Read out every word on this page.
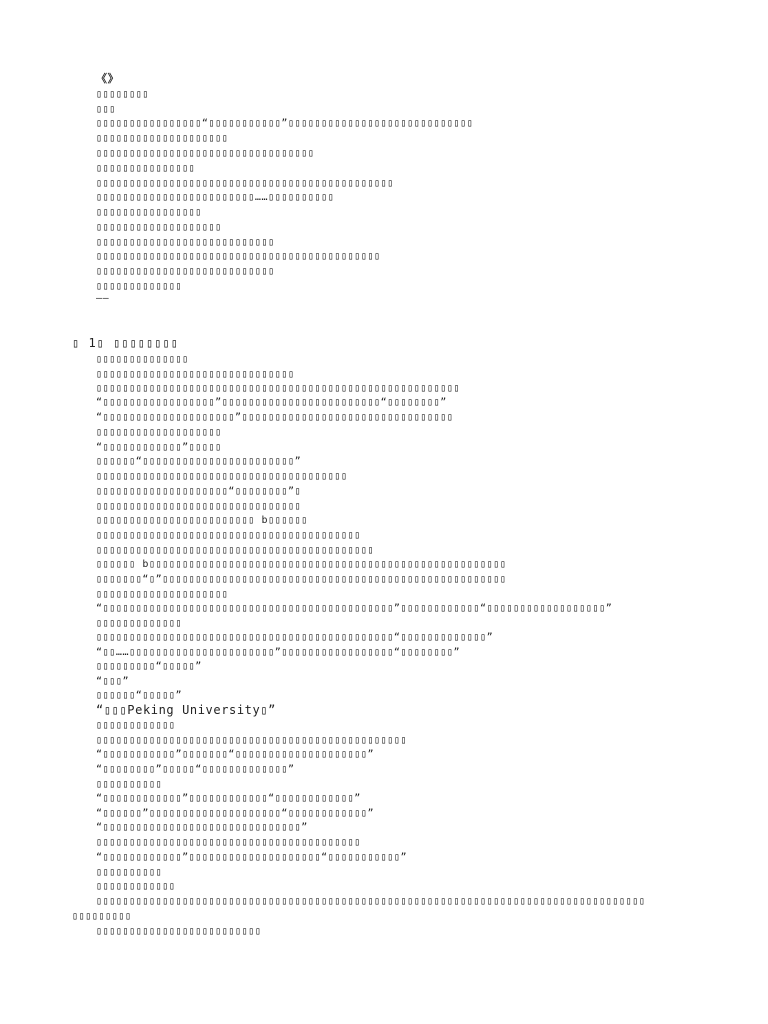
《》
▯▯▯▯▯▯▯▯
▯▯▯
▯▯▯▯▯▯▯▯▯▯▯▯▯▯▯▯“▯▯▯▯▯▯▯▯▯▯▯”▯▯▯▯▯▯▯▯▯▯▯▯▯▯▯▯▯▯▯▯▯▯▯▯▯▯▯▯
▯▯▯▯▯▯▯▯▯▯▯▯▯▯▯▯▯▯▯▯
▯▯▯▯▯▯▯▯▯▯▯▯▯▯▯▯▯▯▯▯▯▯▯▯▯▯▯▯▯▯▯▯▯
▯▯▯▯▯▯▯▯▯▯▯▯▯▯▯
▯▯▯▯▯▯▯▯▯▯▯▯▯▯▯▯▯▯▯▯▯▯▯▯▯▯▯▯▯▯▯▯▯▯▯▯▯▯▯▯▯▯▯▯▯
▯▯▯▯▯▯▯▯▯▯▯▯▯▯▯▯▯▯▯▯▯▯▯▯……▯▯▯▯▯▯▯▯▯▯
▯▯▯▯▯▯▯▯▯▯▯▯▯▯▯▯
▯▯▯▯▯▯▯▯▯▯▯▯▯▯▯▯▯▯▯
▯▯▯▯▯▯▯▯▯▯▯▯▯▯▯▯▯▯▯▯▯▯▯▯▯▯▯
▯▯▯▯▯▯▯▯▯▯▯▯▯▯▯▯▯▯▯▯▯▯▯▯▯▯▯▯▯▯▯▯▯▯▯▯▯▯▯▯▯▯▯
▯▯▯▯▯▯▯▯▯▯▯▯▯▯▯▯▯▯▯▯▯▯▯▯▯▯▯
▯▯▯▯▯▯▯▯▯▯▯▯▯
——
▯ 1▯ ▯▯▯▯▯▯▯▯
▯▯▯▯▯▯▯▯▯▯▯▯▯▯
▯▯▯▯▯▯▯▯▯▯▯▯▯▯▯▯▯▯▯▯▯▯▯▯▯▯▯▯▯▯
▯▯▯▯▯▯▯▯▯▯▯▯▯▯▯▯▯▯▯▯▯▯▯▯▯▯▯▯▯▯▯▯▯▯▯▯▯▯▯▯▯▯▯▯▯▯▯▯▯▯▯▯▯▯▯
“▯▯▯▯▯▯▯▯▯▯▯▯▯▯▯▯▯”▯▯▯▯▯▯▯▯▯▯▯▯▯▯▯▯▯▯▯▯▯▯▯▯“▯▯▯▯▯▯▯▯”
“▯▯▯▯▯▯▯▯▯▯▯▯▯▯▯▯▯▯▯▯”▯▯▯▯▯▯▯▯▯▯▯▯▯▯▯▯▯▯▯▯▯▯▯▯▯▯▯▯▯▯▯▯
▯▯▯▯▯▯▯▯▯▯▯▯▯▯▯▯▯▯▯
“▯▯▯▯▯▯▯▯▯▯▯▯”▯▯▯▯▯
▯▯▯▯▯▯“▯▯▯▯▯▯▯▯▯▯▯▯▯▯▯▯▯▯▯▯▯▯▯”
▯▯▯▯▯▯▯▯▯▯▯▯▯▯▯▯▯▯▯▯▯▯▯▯▯▯▯▯▯▯▯▯▯▯▯▯▯▯
▯▯▯▯▯▯▯▯▯▯▯▯▯▯▯▯▯▯▯▯“▯▯▯▯▯▯▯▯”▯
▯▯▯▯▯▯▯▯▯▯▯▯▯▯▯▯▯▯▯▯▯▯▯▯▯▯▯▯▯▯▯
▯▯▯▯▯▯▯▯▯▯▯▯▯▯▯▯▯▯▯▯▯▯▯▯ b▯▯▯▯▯▯
▯▯▯▯▯▯▯▯▯▯▯▯▯▯▯▯▯▯▯▯▯▯▯▯▯▯▯▯▯▯▯▯▯▯▯▯▯▯▯▯
▯▯▯▯▯▯▯▯▯▯▯▯▯▯▯▯▯▯▯▯▯▯▯▯▯▯▯▯▯▯▯▯▯▯▯▯▯▯▯▯▯▯
▯▯▯▯▯▯ b▯▯▯▯▯▯▯▯▯▯▯▯▯▯▯▯▯▯▯▯▯▯▯▯▯▯▯▯▯▯▯▯▯▯▯▯▯▯▯▯▯▯▯▯▯▯▯▯▯▯▯▯▯▯
▯▯▯▯▯▯▯“▯”▯▯▯▯▯▯▯▯▯▯▯▯▯▯▯▯▯▯▯▯▯▯▯▯▯▯▯▯▯▯▯▯▯▯▯▯▯▯▯▯▯▯▯▯▯▯▯▯▯▯▯▯
▯▯▯▯▯▯▯▯▯▯▯▯▯▯▯▯▯▯▯▯
“▯▯▯▯▯▯▯▯▯▯▯▯▯▯▯▯▯▯▯▯▯▯▯▯▯▯▯▯▯▯▯▯▯▯▯▯▯▯▯▯▯▯▯▯”▯▯▯▯▯▯▯▯▯▯▯▯“▯▯▯▯▯▯▯▯▯▯▯▯▯▯▯▯▯▯”
▯▯▯▯▯▯▯▯▯▯▯▯▯
▯▯▯▯▯▯▯▯▯▯▯▯▯▯▯▯▯▯▯▯▯▯▯▯▯▯▯▯▯▯▯▯▯▯▯▯▯▯▯▯▯▯▯▯▯“▯▯▯▯▯▯▯▯▯▯▯▯▯”
“▯▯……▯▯▯▯▯▯▯▯▯▯▯▯▯▯▯▯▯▯▯▯▯▯”▯▯▯▯▯▯▯▯▯▯▯▯▯▯▯▯▯“▯▯▯▯▯▯▯▯”
▯▯▯▯▯▯▯▯▯“▯▯▯▯▯”
“▯▯▯”
▯▯▯▯▯▯“▯▯▯▯▯”
“▯▯▯Peking University▯”
▯▯▯▯▯▯▯▯▯▯▯▯
▯▯▯▯▯▯▯▯▯▯▯▯▯▯▯▯▯▯▯▯▯▯▯▯▯▯▯▯▯▯▯▯▯▯▯▯▯▯▯▯▯▯▯▯▯▯▯
“▯▯▯▯▯▯▯▯▯▯▯”▯▯▯▯▯▯▯“▯▯▯▯▯▯▯▯▯▯▯▯▯▯▯▯▯▯▯▯”
“▯▯▯▯▯▯▯▯”▯▯▯▯▯“▯▯▯▯▯▯▯▯▯▯▯▯▯”
▯▯▯▯▯▯▯▯▯▯
“▯▯▯▯▯▯▯▯▯▯▯▯”▯▯▯▯▯▯▯▯▯▯▯▯“▯▯▯▯▯▯▯▯▯▯▯▯”
“▯▯▯▯▯▯”▯▯▯▯▯▯▯▯▯▯▯▯▯▯▯▯▯▯▯▯“▯▯▯▯▯▯▯▯▯▯▯▯”
“▯▯▯▯▯▯▯▯▯▯▯▯▯▯▯▯▯▯▯▯▯▯▯▯▯▯▯▯▯▯”
▯▯▯▯▯▯▯▯▯▯▯▯▯▯▯▯▯▯▯▯▯▯▯▯▯▯▯▯▯▯▯▯▯▯▯▯▯▯▯▯
“▯▯▯▯▯▯▯▯▯▯▯▯”▯▯▯▯▯▯▯▯▯▯▯▯▯▯▯▯▯▯▯▯“▯▯▯▯▯▯▯▯▯▯▯”
▯▯▯▯▯▯▯▯▯▯
▯▯▯▯▯▯▯▯▯▯▯▯
▯▯▯▯▯▯▯▯▯▯▯▯▯▯▯▯▯▯▯▯▯▯▯▯▯▯▯▯▯▯▯▯▯▯▯▯▯▯▯▯▯▯▯▯▯▯▯▯▯▯▯▯▯▯▯▯▯▯▯▯▯▯▯▯▯▯▯▯▯▯▯▯▯▯▯▯▯▯▯▯▯▯▯
▯▯▯▯▯▯▯▯▯
▯▯▯▯▯▯▯▯▯▯▯▯▯▯▯▯▯▯▯▯▯▯▯▯▯
